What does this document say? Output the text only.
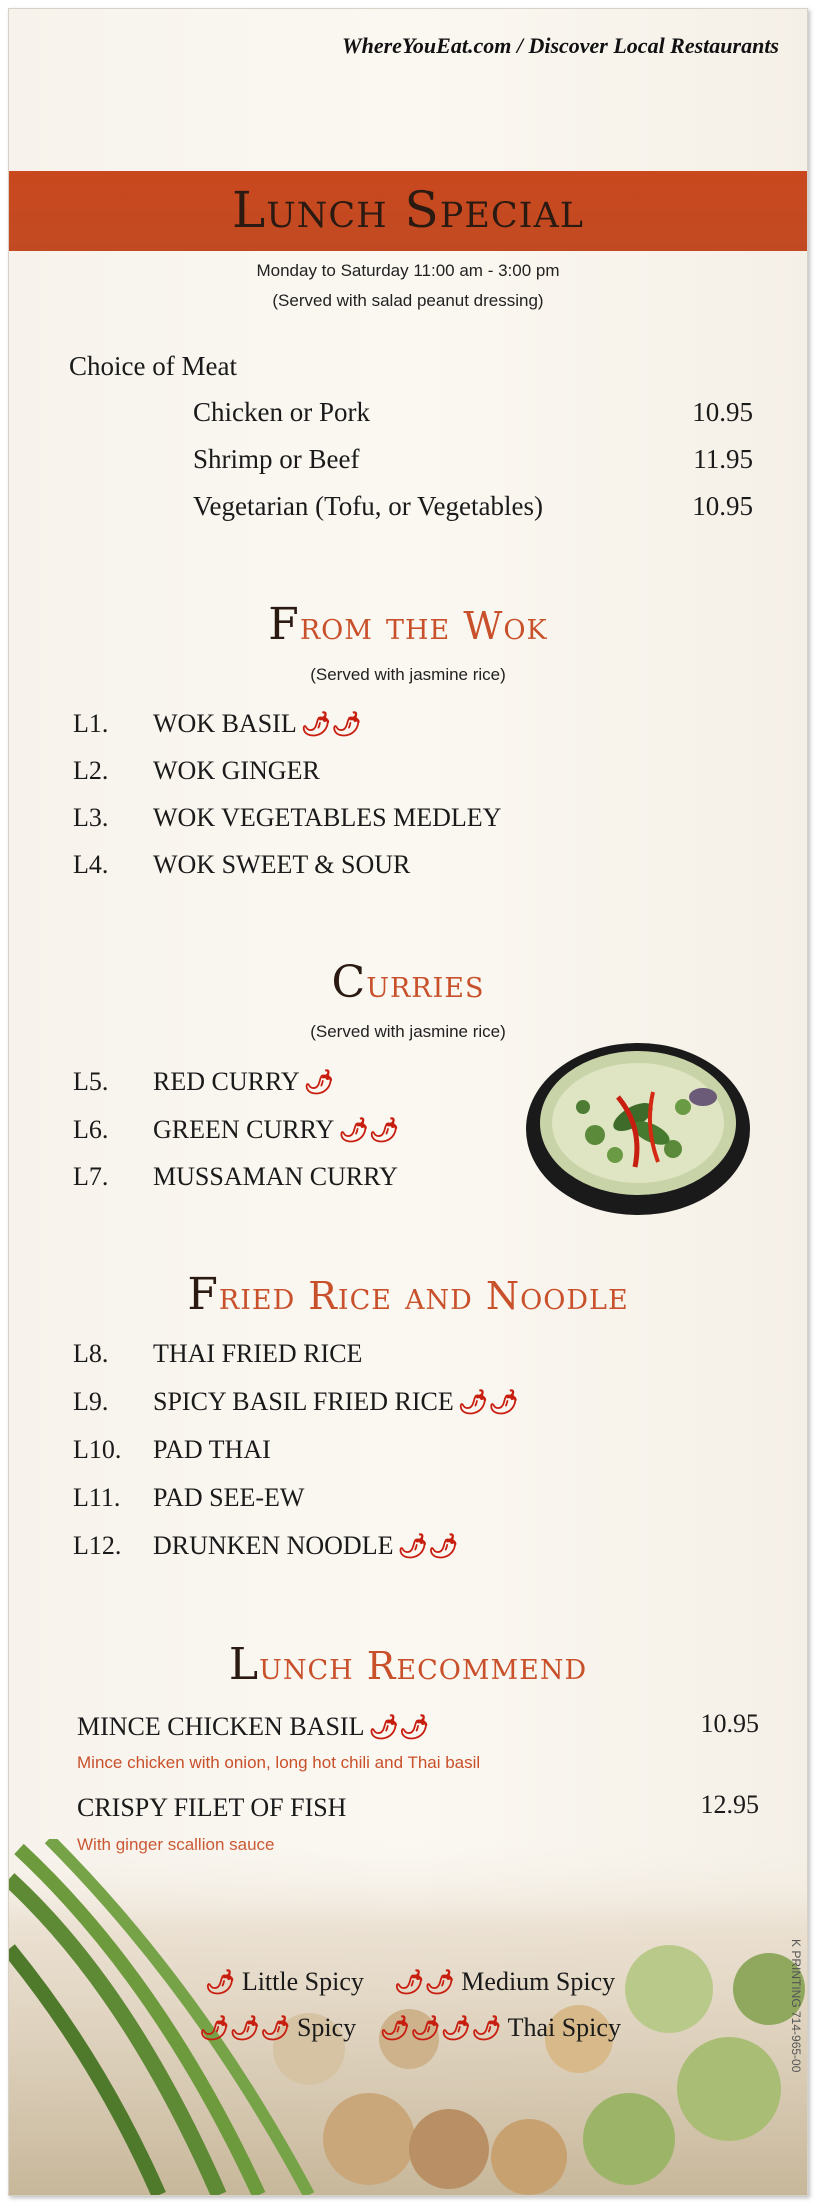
WhereYouEat.com / Discover Local Restaurants
Lunch Special
Monday to Saturday 11:00 am - 3:00 pm
(Served with salad peanut dressing)
Choice of Meat
Chicken or Pork	10.95
Shrimp or Beef	11.95
Vegetarian (Tofu, or Vegetables)	10.95
From the Wok
(Served with jasmine rice)
L1. WOK BASIL 🌶🌶
L2. WOK GINGER
L3. WOK VEGETABLES MEDLEY
L4. WOK SWEET & SOUR
Curries
(Served with jasmine rice)
L5. RED CURRY 🌶
L6. GREEN CURRY 🌶🌶
L7. MUSSAMAN CURRY
Fried Rice and Noodle
L8. THAI FRIED RICE
L9. SPICY BASIL FRIED RICE 🌶🌶
L10. PAD THAI
L11. PAD SEE-EW
L12. DRUNKEN NOODLE 🌶🌶
Lunch Recommend
MINCE CHICKEN BASIL 🌶🌶	10.95
Mince chicken with onion, long hot chili and Thai basil
CRISPY FILET OF FISH	12.95
🌶 Little Spicy 🌶🌶 Medium Spicy
🌶🌶🌶 Spicy 🌶🌶🌶🌶 Thai Spicy	K PRINTING 714-965-00
